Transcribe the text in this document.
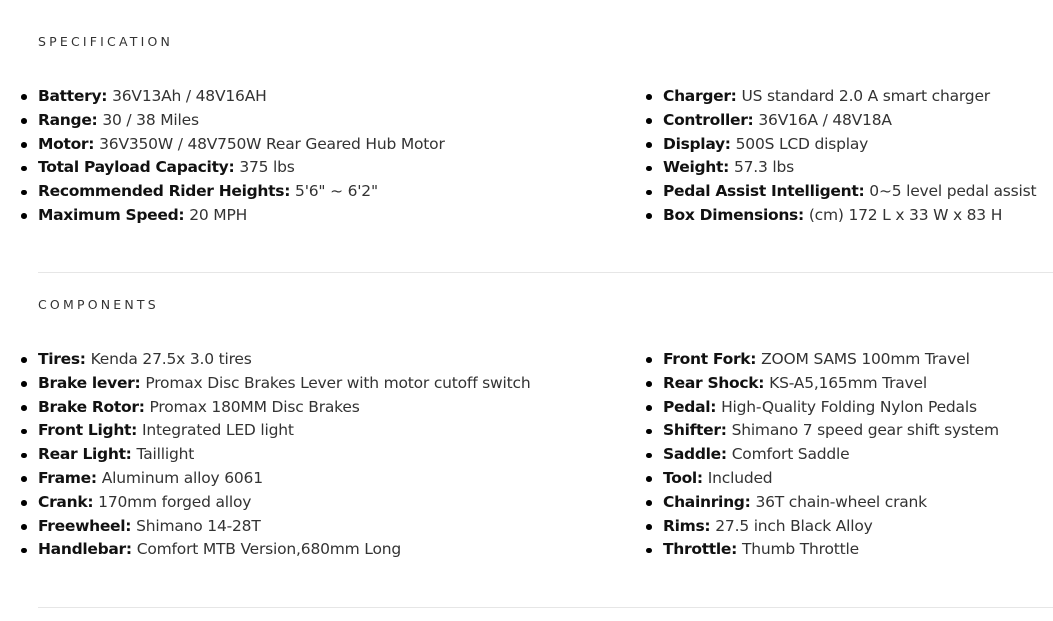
SPECIFICATION
Battery: 36V13Ah / 48V16AH
Range: 30 / 38 Miles
Motor: 36V350W / 48V750W Rear Geared Hub Motor
Total Payload Capacity: 375 lbs
Recommended Rider Heights: 5'6" ~ 6'2"
Maximum Speed: 20 MPH
Charger: US standard 2.0 A smart charger
Controller: 36V16A / 48V18A
Display: 500S LCD display
Weight: 57.3 lbs
Pedal Assist Intelligent: 0~5 level pedal assist
Box Dimensions: (cm) 172 L x 33 W x 83 H
COMPONENTS
Tires: Kenda 27.5x 3.0 tires
Brake lever: Promax Disc Brakes Lever with motor cutoff switch
Brake Rotor: Promax 180MM Disc Brakes
Front Light: Integrated LED light
Rear Light: Taillight
Frame: Aluminum alloy 6061
Crank: 170mm forged alloy
Freewheel: Shimano 14-28T
Handlebar: Comfort MTB Version,680mm Long
Front Fork: ZOOM SAMS 100mm Travel
Rear Shock: KS-A5,165mm Travel
Pedal: High-Quality Folding Nylon Pedals
Shifter: Shimano 7 speed gear shift system
Saddle: Comfort Saddle
Tool: Included
Chainring: 36T chain-wheel crank
Rims: 27.5 inch Black Alloy
Throttle: Thumb Throttle
